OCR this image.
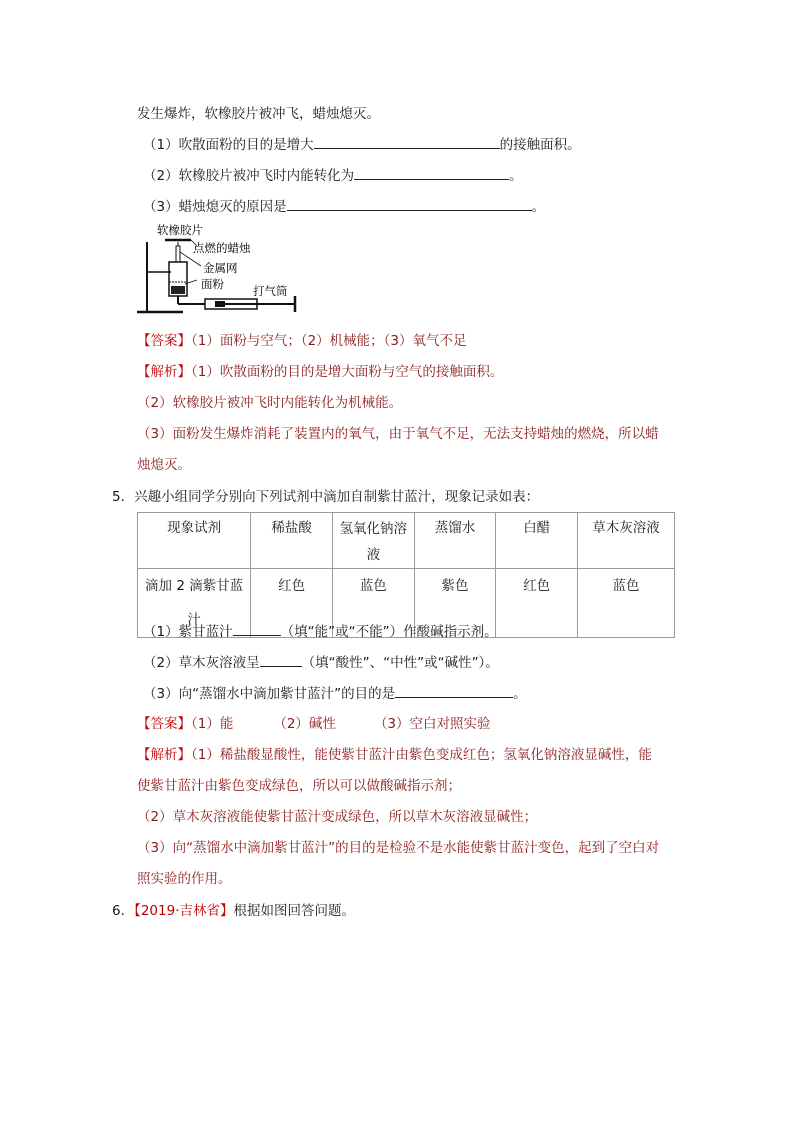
发生爆炸，软橡胶片被冲飞，蜡烛熄灭。
（1）吹散面粉的目的是增大	的接触面积。
（2）软橡胶片被冲飞时内能转化为	。
（3）蜡烛熄灭的原因是	。
软橡胶片
点燃的蜡烛
金属网
面粉	打气筒
【答案】（1）面粉与空气；（2）机械能；（3）氧气不足
【解析】（1）吹散面粉的目的是增大面粉与空气的接触面积。
（2）软橡胶片被冲飞时内能转化为机械能。
（3）面粉发生爆炸消耗了装置内的氧气，由于氧气不足，无法支持蜡烛的燃烧，所以蜡
烛熄灭。
5．兴趣小组同学分别向下列试剂中滴加自制紫甘蓝汁，现象记录如表：
现象试剂	稀盐酸	氢氧化钠溶
液	蒸馏水	白醋	草木灰溶液
滴加 2 滴紫甘蓝汁	红色	蓝色	紫色	红色	蓝色
（1）紫甘蓝汁	（填“能”或“不能”）作酸碱指示剂。
（2）草木灰溶液呈	（填“酸性”、“中性”或“碱性”）。
（3）向“蒸馏水中滴加紫甘蓝汁”的目的是	。
【答案】（1）能	（2）碱性	（3）空白对照实验
【解析】（1）稀盐酸显酸性，能使紫甘蓝汁由紫色变成红色；氢氧化钠溶液显碱性，能
使紫甘蓝汁由紫色变成绿色，所以可以做酸碱指示剂；
（2）草木灰溶液能使紫甘蓝汁变成绿色，所以草木灰溶液显碱性；
（3）向“蒸馏水中滴加紫甘蓝汁”的目的是检验不是水能使紫甘蓝汁变色，起到了空白对
照实验的作用。
6．【2019·吉林省】根据如图回答问题。
